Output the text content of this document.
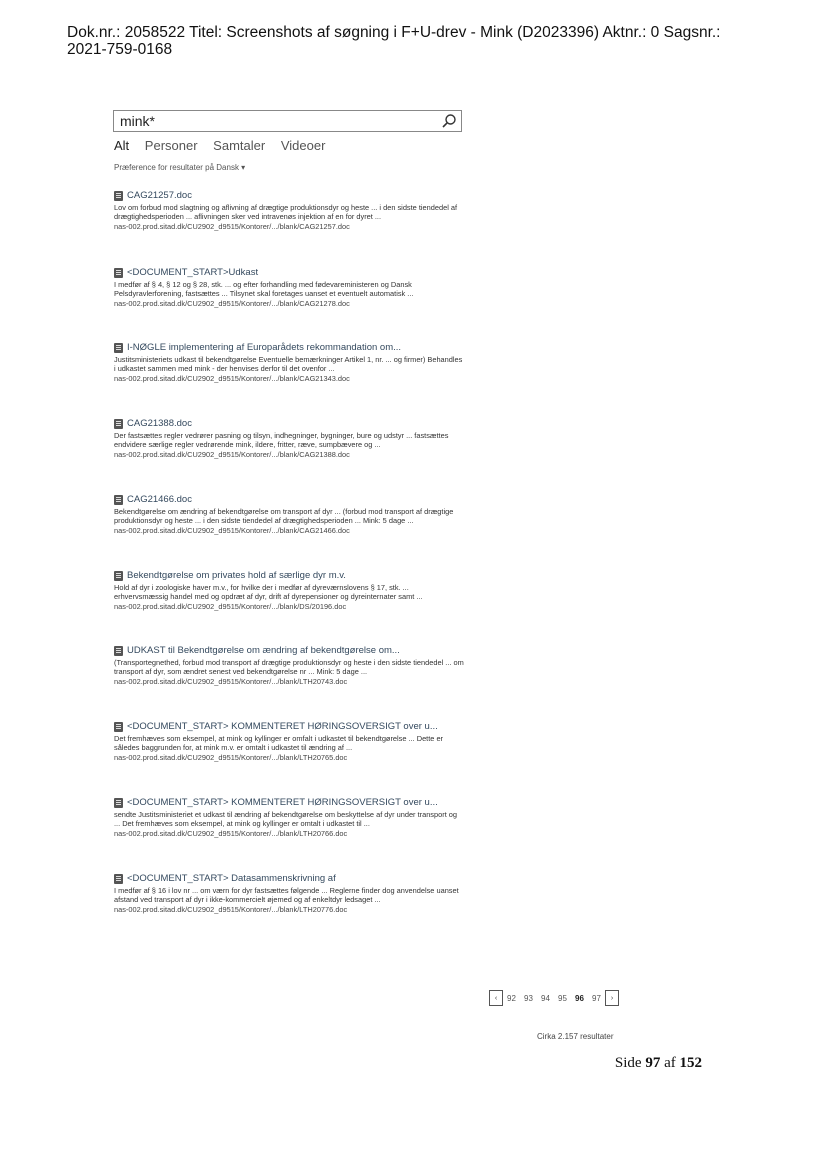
Dok.nr.: 2058522 Titel: Screenshots af søgning i F+U-drev - Mink (D2023396) Aktnr.: 0 Sagsnr.:
2021-759-0168
mink*
Alt Personer Samtaler Videoer
Præference for resultater på Dansk ▾
CAG21257.doc
Lov om forbud mod slagtning og aflivning af drægtige produktionsdyr og heste ... i den sidste tiendedel af drægtighedsperioden ... aflivningen sker ved intravenøs injektion af en for dyret ...
nas-002.prod.sitad.dk/CU2902_d9515/Kontorer/.../blank/CAG21257.doc
<DOCUMENT_START>Udkast
I medfør af § 4, § 12 og § 28, stk. ... og efter forhandling med fødevareministeren og Dansk Pelsdyravlerforening, fastsættes ... Tilsynet skal foretages uanset et eventuelt automatisk ...
nas-002.prod.sitad.dk/CU2902_d9515/Kontorer/.../blank/CAG21278.doc
I-NØGLE implementering af Europarådets rekommandation om...
Justitsministeriets udkast til bekendtgørelse Eventuelle bemærkninger Artikel 1, nr. ... og firmer) Behandles i udkastet sammen med mink - der henvises derfor til det ovenfor ...
nas-002.prod.sitad.dk/CU2902_d9515/Kontorer/.../blank/CAG21343.doc
CAG21388.doc
Der fastsættes regler vedrører pasning og tilsyn, indhegninger, bygninger, bure og udstyr ... fastsættes endvidere særlige regler vedrørende mink, ildere, fritter, ræve, sumpbævere og ...
nas-002.prod.sitad.dk/CU2902_d9515/Kontorer/.../blank/CAG21388.doc
CAG21466.doc
Bekendtgørelse om ændring af bekendtgørelse om transport af dyr ... (forbud mod transport af drægtige produktionsdyr og heste ... i den sidste tiendedel af drægtighedsperioden ... Mink: 5 dage ...
nas-002.prod.sitad.dk/CU2902_d9515/Kontorer/.../blank/CAG21466.doc
Bekendtgørelse om privates hold af særlige dyr m.v.
Hold af dyr i zoologiske haver m.v., for hvilke der i medfør af dyreværnslovens § 17, stk. ... erhvervsmæssig handel med og opdræt af dyr, drift af dyrepensioner og dyreinternater samt ...
nas-002.prod.sitad.dk/CU2902_d9515/Kontorer/.../blank/DS/20196.doc
UDKAST til Bekendtgørelse om ændring af bekendtgørelse om...
(Transportegnethed, forbud mod transport af drægtige produktionsdyr og heste i den sidste tiendedel ... om transport af dyr, som ændret senest ved bekendtgørelse nr ... Mink: 5 dage ...
nas-002.prod.sitad.dk/CU2902_d9515/Kontorer/.../blank/LTH20743.doc
<DOCUMENT_START> KOMMENTERET HØRINGSOVERSIGT over u...
Det fremhæves som eksempel, at mink og kyllinger er omfalt i udkastet til bekendtgørelse ... Dette er således baggrunden for, at mink m.v. er omtalt i udkastet til ændring af ...
nas-002.prod.sitad.dk/CU2902_d9515/Kontorer/.../blank/LTH20765.doc
<DOCUMENT_START> KOMMENTERET HØRINGSOVERSIGT over u...
sendte Justitsministeriet et udkast til ændring af bekendtgørelse om beskyttelse af dyr under transport og ... Det fremhæves som eksempel, at mink og kyllinger er omtalt i udkastet til ...
nas-002.prod.sitad.dk/CU2902_d9515/Kontorer/.../blank/LTH20766.doc
<DOCUMENT_START> Datasammenskrivning af
I medfør af § 16 i lov nr ... om værn for dyr fastsættes følgende ... Reglerne finder dog anvendelse uanset afstand ved transport af dyr i ikke-kommercielt øjemed og af enkeltdyr ledsaget ...
nas-002.prod.sitad.dk/CU2902_d9515/Kontorer/.../blank/LTH20776.doc
‹	92	93	94	95	96	97	›
Cirka 2.157 resultater
Side 97 af 152
